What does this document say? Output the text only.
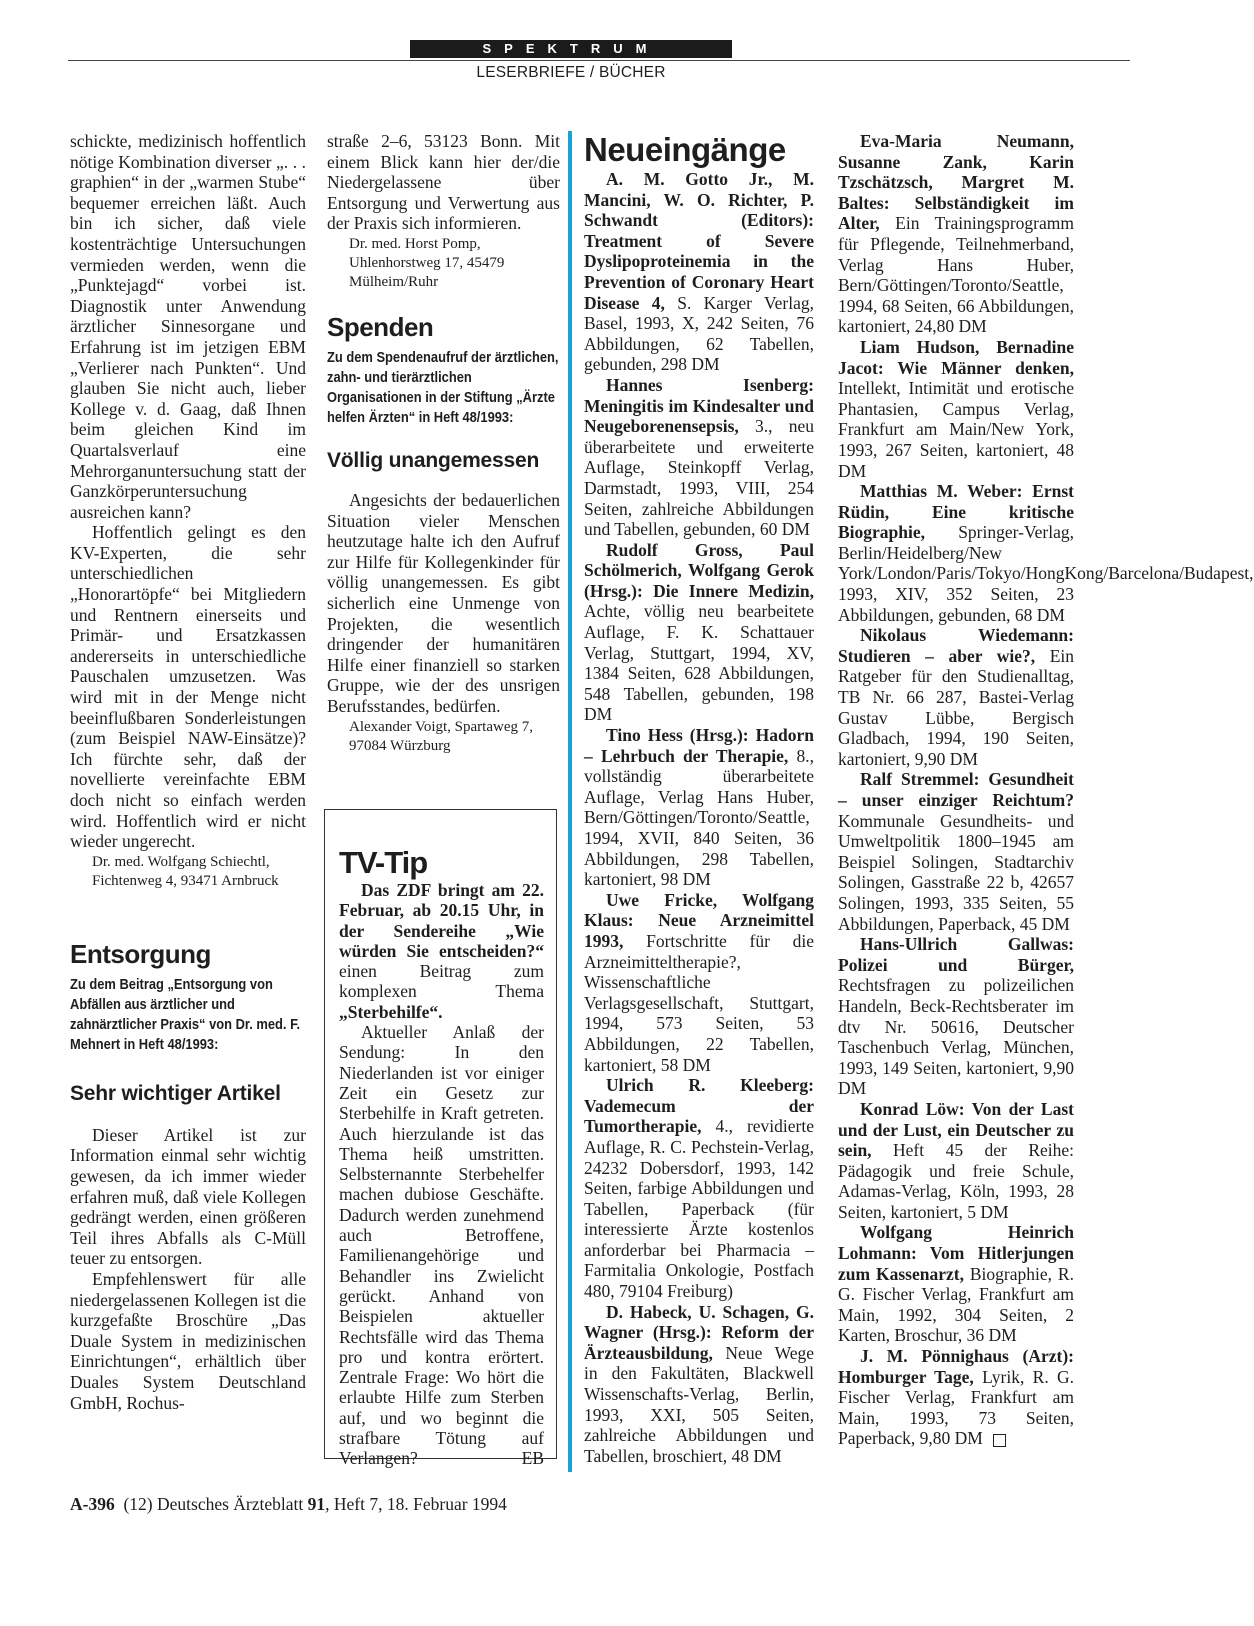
SPEKTRUM
LESERBRIEFE / BÜCHER

schickte, medizinisch hoffentlich nötige Kombination diverser „. . . graphien“ in der „warmen Stube“ bequemer erreichen läßt. Auch bin ich sicher, daß viele kostenträchtige Untersuchungen vermieden werden, wenn die „Punktejagd“ vorbei ist. Diagnostik unter Anwendung ärztlicher Sinnesorgane und Erfahrung ist im jetzigen EBM „Verlierer nach Punkten“. Und glauben Sie nicht auch, lieber Kollege v. d. Gaag, daß Ihnen beim gleichen Kind im Quartalsverlauf eine Mehrorganuntersuchung statt der Ganzkörperuntersuchung ausreichen kann?

Hoffentlich gelingt es den KV-Experten, die sehr unterschiedlichen „Honorartöpfe“ bei Mitgliedern und Rentnern einerseits und Primär- und Ersatzkassen andererseits in unterschiedliche Pauschalen umzusetzen. Was wird mit in der Menge nicht beeinflußbaren Sonderleistungen (zum Beispiel NAW-Einsätze)? Ich fürchte sehr, daß der novellierte vereinfachte EBM doch nicht so einfach werden wird. Hoffentlich wird er nicht wieder ungerecht.

Dr. med. Wolfgang Schiechtl, Fichtenweg 4, 93471 Arnbruck

Entsorgung

Zu dem Beitrag „Entsorgung von Abfällen aus ärztlicher und zahnärztlicher Praxis“ von Dr. med. F. Mehnert in Heft 48/1993:

Sehr wichtiger Artikel

Dieser Artikel ist zur Information einmal sehr wichtig gewesen, da ich immer wieder erfahren muß, daß viele Kollegen gedrängt werden, einen größeren Teil ihres Abfalls als C-Müll teuer zu entsorgen.

Empfehlenswert für alle niedergelassenen Kollegen ist die kurzgefaßte Broschüre „Das Duale System in medizinischen Einrichtungen“, erhältlich über Duales System Deutschland GmbH, Rochus-

straße 2–6, 53123 Bonn. Mit einem Blick kann hier der/die Niedergelassene über Entsorgung und Verwertung aus der Praxis sich informieren.

Dr. med. Horst Pomp, Uhlenhorstweg 17, 45479 Mülheim/Ruhr

Spenden

Zu dem Spendenaufruf der ärztlichen, zahn- und tierärztlichen Organisationen in der Stiftung „Ärzte helfen Ärzten“ in Heft 48/1993:

Völlig unangemessen

Angesichts der bedauerlichen Situation vieler Menschen heutzutage halte ich den Aufruf zur Hilfe für Kollegenkinder für völlig unangemessen. Es gibt sicherlich eine Unmenge von Projekten, die wesentlich dringender der humanitären Hilfe einer finanziell so starken Gruppe, wie der des unsrigen Berufsstandes, bedürfen.

Alexander Voigt, Spartaweg 7, 97084 Würzburg

TV-Tip

Das ZDF bringt am 22. Februar, ab 20.15 Uhr, in der Sendereihe „Wie würden Sie entscheiden?“ einen Beitrag zum komplexen Thema „Sterbehilfe“.

Aktueller Anlaß der Sendung: In den Niederlanden ist vor einiger Zeit ein Gesetz zur Sterbehilfe in Kraft getreten. Auch hierzulande ist das Thema heiß umstritten. Selbsternannte Sterbehelfer machen dubiose Geschäfte. Dadurch werden zunehmend auch Betroffene, Familienangehörige und Behandler ins Zwielicht gerückt. Anhand von Beispielen aktueller Rechtsfälle wird das Thema pro und kontra erörtert. Zentrale Frage: Wo hört die erlaubte Hilfe zum Sterben auf, und wo beginnt die strafbare Tötung auf Verlangen?	EB

Neueingänge

A. M. Gotto Jr., M. Mancini, W. O. Richter, P. Schwandt (Editors): Treatment of Severe Dyslipoproteinemia in the Prevention of Coronary Heart Disease 4, S. Karger Verlag, Basel, 1993, X, 242 Seiten, 76 Abbildungen, 62 Tabellen, gebunden, 298 DM

Hannes Isenberg: Meningitis im Kindesalter und Neugeborenensepsis, 3., neu überarbeitete und erweiterte Auflage, Steinkopff Verlag, Darmstadt, 1993, VIII, 254 Seiten, zahlreiche Abbildungen und Tabellen, gebunden, 60 DM

Rudolf Gross, Paul Schölmerich, Wolfgang Gerok (Hrsg.): Die Innere Medizin, Achte, völlig neu bearbeitete Auflage, F. K. Schattauer Verlag, Stuttgart, 1994, XV, 1384 Seiten, 628 Abbildungen, 548 Tabellen, gebunden, 198 DM

Tino Hess (Hrsg.): Hadorn – Lehrbuch der Therapie, 8., vollständig überarbeitete Auflage, Verlag Hans Huber, Bern/Göttingen/Toronto/Seattle, 1994, XVII, 840 Seiten, 36 Abbildungen, 298 Tabellen, kartoniert, 98 DM

Uwe Fricke, Wolfgang Klaus: Neue Arzneimittel 1993, Fortschritte für die Arzneimitteltherapie?, Wissenschaftliche Verlagsgesellschaft, Stuttgart, 1994, 573 Seiten, 53 Abbildungen, 22 Tabellen, kartoniert, 58 DM

Ulrich R. Kleeberg: Vademecum der Tumortherapie, 4., revidierte Auflage, R. C. Pechstein-Verlag, 24232 Dobersdorf, 1993, 142 Seiten, farbige Abbildungen und Tabellen, Paperback (für interessierte Ärzte kostenlos anforderbar bei Pharmacia – Farmitalia Onkologie, Postfach 480, 79104 Freiburg)

D. Habeck, U. Schagen, G. Wagner (Hrsg.): Reform der Ärzteausbildung, Neue Wege in den Fakultäten, Blackwell Wissenschafts-Verlag, Berlin, 1993, XXI, 505 Seiten, zahlreiche Abbildungen und Tabellen, broschiert, 48 DM

Eva-Maria Neumann, Susanne Zank, Karin Tzschätzsch, Margret M. Baltes: Selbständigkeit im Alter, Ein Trainingsprogramm für Pflegende, Teilnehmerband, Verlag Hans Huber, Bern/Göttingen/Toronto/Seattle, 1994, 68 Seiten, 66 Abbildungen, kartoniert, 24,80 DM

Liam Hudson, Bernadine Jacot: Wie Männer denken, Intellekt, Intimität und erotische Phantasien, Campus Verlag, Frankfurt am Main/New York, 1993, 267 Seiten, kartoniert, 48 DM

Matthias M. Weber: Ernst Rüdin, Eine kritische Biographie, Springer-Verlag, Berlin/Heidelberg/New York/London/Paris/Tokyo/HongKong/Barcelona/Budapest, 1993, XIV, 352 Seiten, 23 Abbildungen, gebunden, 68 DM

Nikolaus Wiedemann: Studieren – aber wie?, Ein Ratgeber für den Studienalltag, TB Nr. 66 287, Bastei-Verlag Gustav Lübbe, Bergisch Gladbach, 1994, 190 Seiten, kartoniert, 9,90 DM

Ralf Stremmel: Gesundheit – unser einziger Reichtum? Kommunale Gesundheits- und Umweltpolitik 1800–1945 am Beispiel Solingen, Stadtarchiv Solingen, Gasstraße 22 b, 42657 Solingen, 1993, 335 Seiten, 55 Abbildungen, Paperback, 45 DM

Hans-Ullrich Gallwas: Polizei und Bürger, Rechtsfragen zu polizeilichen Handeln, Beck-Rechtsberater im dtv Nr. 50616, Deutscher Taschenbuch Verlag, München, 1993, 149 Seiten, kartoniert, 9,90 DM

Konrad Löw: Von der Last und der Lust, ein Deutscher zu sein, Heft 45 der Reihe: Pädagogik und freie Schule, Adamas-Verlag, Köln, 1993, 28 Seiten, kartoniert, 5 DM

Wolfgang Heinrich Lohmann: Vom Hitlerjungen zum Kassenarzt, Biographie, R. G. Fischer Verlag, Frankfurt am Main, 1992, 304 Seiten, 2 Karten, Broschur, 36 DM

J. M. Pönnighaus (Arzt): Homburger Tage, Lyrik, R. G. Fischer Verlag, Frankfurt am Main, 1993, 73 Seiten, Paperback, 9,80 DM

A-396 (12) Deutsches Ärzteblatt 91, Heft 7, 18. Februar 1994
